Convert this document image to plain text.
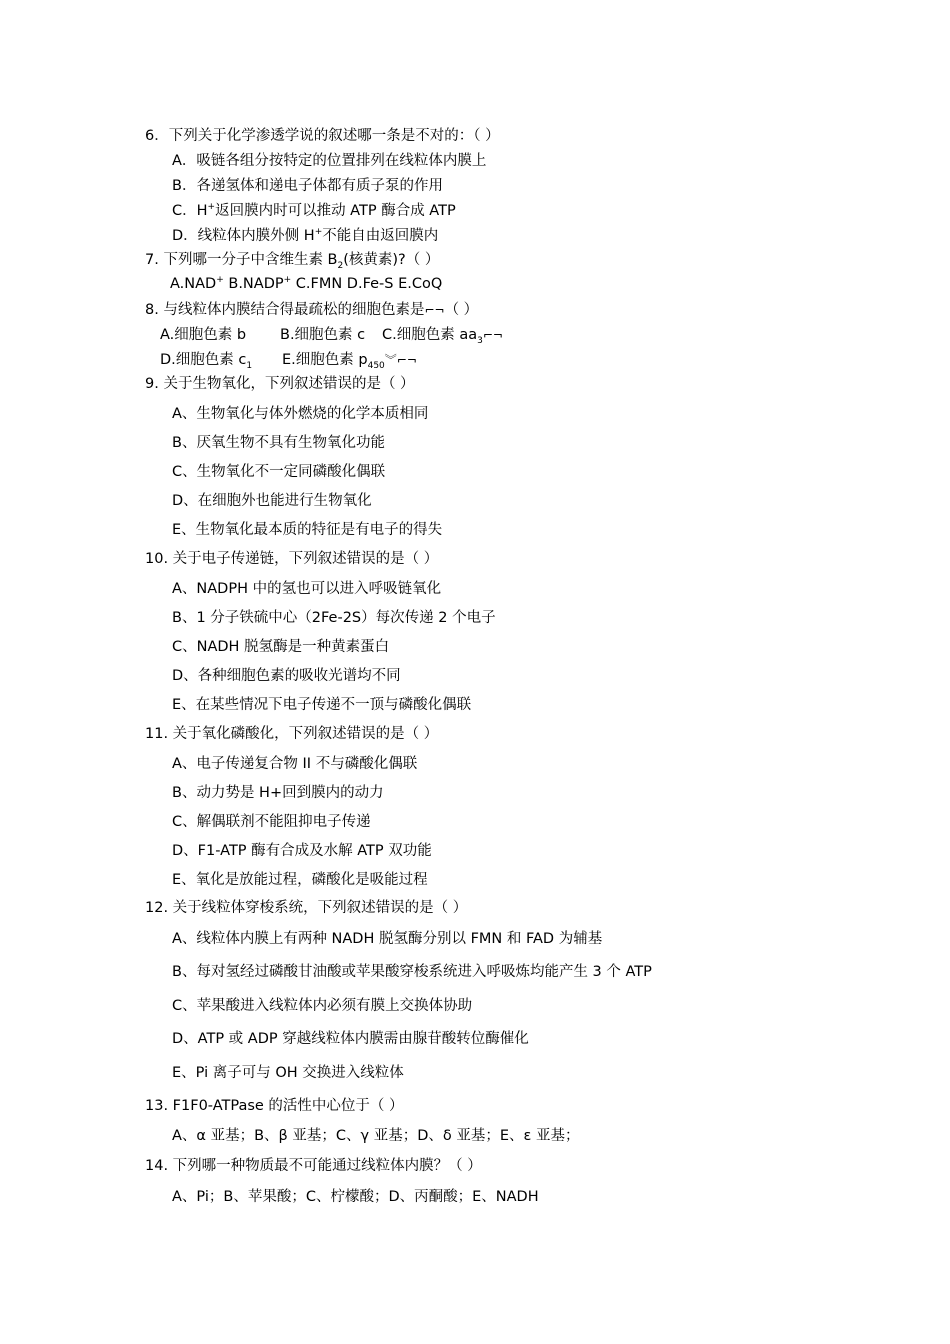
6．下列关于化学渗透学说的叙述哪一条是不对的：（ ）
A．吸链各组分按特定的位置排列在线粒体内膜上
B．各递氢体和递电子体都有质子泵的作用
C．H+返回膜内时可以推动 ATP 酶合成 ATP
D．线粒体内膜外侧 H+不能自由返回膜内
7. 下列哪一分子中含维生素 $B_2$(核黄素)?（ ）
A.NAD+ B.NADP+ C.FMN D.Fe-S E.CoQ
8. 与线粒体内膜结合得最疏松的细胞色素是⌐¬（ ）
A.细胞色素 b B.细胞色素 c C.细胞色素 $aa_3⌐\neg$
D.细胞色素 $c_1$ E.细胞色素 $p_{450}︾⌐\neg$
9. 关于生物氧化，下列叙述错误的是（ ）
A、生物氧化与体外燃烧的化学本质相同
B、厌氧生物不具有生物氧化功能
C、生物氧化不一定同磷酸化偶联
D、在细胞外也能进行生物氧化
E、生物氧化最本质的特征是有电子的得失
10. 关于电子传递链，下列叙述错误的是（ ）
A、NADPH 中的氢也可以进入呼吸链氧化
B、1 分子铁硫中心（2Fe-2S）每次传递 2 个电子
C、NADH 脱氢酶是一种黄素蛋白
D、各种细胞色素的吸收光谱均不同
E、在某些情况下电子传递不一顶与磷酸化偶联
11. 关于氧化磷酸化，下列叙述错误的是（ ）
A、电子传递复合物 II 不与磷酸化偶联
B、动力势是 H+回到膜内的动力
C、解偶联剂不能阻抑电子传递
D、F1-ATP 酶有合成及水解 ATP 双功能
E、氧化是放能过程，磷酸化是吸能过程
12. 关于线粒体穿梭系统，下列叙述错误的是（ ）
A、线粒体内膜上有两种 NADH 脱氢酶分别以 FMN 和 FAD 为辅基
B、每对氢经过磷酸甘油酸或苹果酸穿梭系统进入呼吸炼均能产生 3 个 ATP
C、苹果酸进入线粒体内必须有膜上交换体协助
D、ATP 或 ADP 穿越线粒体内膜需由腺苷酸转位酶催化
E、Pi 离子可与 OH 交换进入线粒体
13. F1F0-ATPase 的活性中心位于（ ）
A、α 亚基；B、β 亚基；C、γ 亚基；D、δ 亚基；E、ε 亚基；
14. 下列哪一种物质最不可能通过线粒体内膜？（ ）
A、Pi；B、苹果酸；C、柠檬酸；D、丙酮酸；E、NADH
